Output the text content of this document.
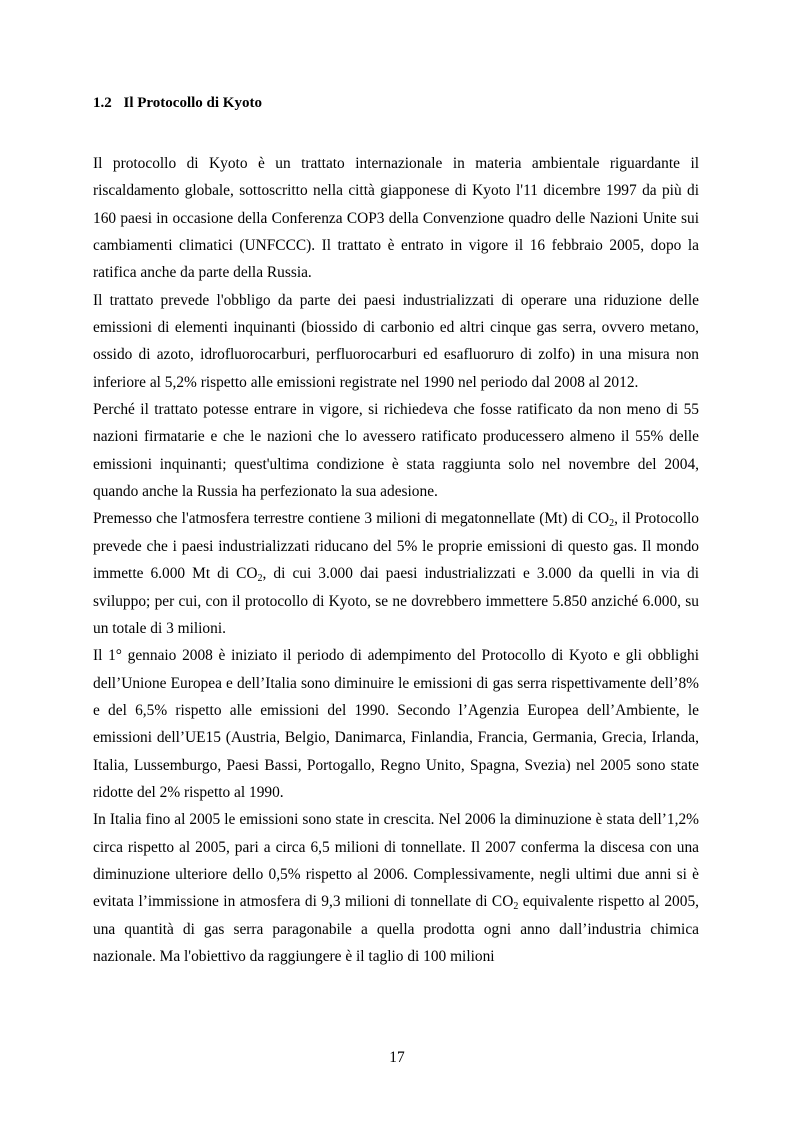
1.2 Il Protocollo di Kyoto

Il protocollo di Kyoto è un trattato internazionale in materia ambientale riguardante il riscaldamento globale, sottoscritto nella città giapponese di Kyoto l'11 dicembre 1997 da più di 160 paesi in occasione della Conferenza COP3 della Convenzione quadro delle Nazioni Unite sui cambiamenti climatici (UNFCCC). Il trattato è entrato in vigore il 16 febbraio 2005, dopo la ratifica anche da parte della Russia.

Il trattato prevede l'obbligo da parte dei paesi industrializzati di operare una riduzione delle emissioni di elementi inquinanti (biossido di carbonio ed altri cinque gas serra, ovvero metano, ossido di azoto, idrofluorocarburi, perfluorocarburi ed esafluoruro di zolfo) in una misura non inferiore al 5,2% rispetto alle emissioni registrate nel 1990 nel periodo dal 2008 al 2012.

Perché il trattato potesse entrare in vigore, si richiedeva che fosse ratificato da non meno di 55 nazioni firmatarie e che le nazioni che lo avessero ratificato producessero almeno il 55% delle emissioni inquinanti; quest'ultima condizione è stata raggiunta solo nel novembre del 2004, quando anche la Russia ha perfezionato la sua adesione.

Premesso che l'atmosfera terrestre contiene 3 milioni di megatonnellate (Mt) di $CO_2$, il Protocollo prevede che i paesi industrializzati riducano del 5% le proprie emissioni di questo gas. Il mondo immette 6.000 Mt di $CO_2$, di cui 3.000 dai paesi industrializzati e 3.000 da quelli in via di sviluppo; per cui, con il protocollo di Kyoto, se ne dovrebbero immettere 5.850 anziché 6.000, su un totale di 3 milioni.

Il 1° gennaio 2008 è iniziato il periodo di adempimento del Protocollo di Kyoto e gli obblighi dell’Unione Europea e dell’Italia sono diminuire le emissioni di gas serra rispettivamente dell’8% e del 6,5% rispetto alle emissioni del 1990. Secondo l’Agenzia Europea dell’Ambiente, le emissioni dell’UE15 (Austria, Belgio, Danimarca, Finlandia, Francia, Germania, Grecia, Irlanda, Italia, Lussemburgo, Paesi Bassi, Portogallo, Regno Unito, Spagna, Svezia) nel 2005 sono state ridotte del 2% rispetto al 1990.

In Italia fino al 2005 le emissioni sono state in crescita. Nel 2006 la diminuzione è stata dell’1,2% circa rispetto al 2005, pari a circa 6,5 milioni di tonnellate. Il 2007 conferma la discesa con una diminuzione ulteriore dello 0,5% rispetto al 2006. Complessivamente, negli ultimi due anni si è evitata l’immissione in atmosfera di 9,3 milioni di tonnellate di $CO_2$ equivalente rispetto al 2005, una quantità di gas serra paragonabile a quella prodotta ogni anno dall’industria chimica nazionale. Ma l'obiettivo da raggiungere è il taglio di 100 milioni

17
